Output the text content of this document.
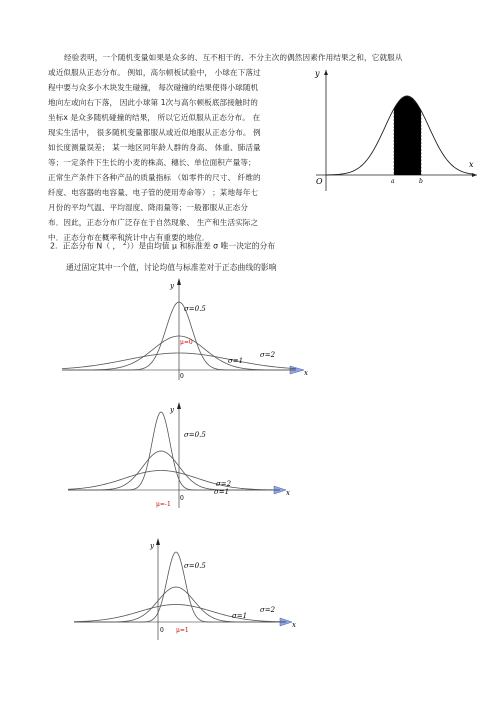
经验表明，一个随机变量如果是众多的、互不相干的、不分主次的偶然因素作用结果之和，它就服从
或近似服从正态分布。 例如，高尔顿板试验中， 小球在下落过
程中要与众多小木块发生碰撞， 每次碰撞的结果使得小球随机
地向左或向右下落， 因此小球第 1次与高尔顿板底部接触时的
坐标x 是众多随机碰撞的结果， 所以它近似服从正态分布。 在
现实生活中， 很多随机变量都服从或近似地服从正态分布。 例
如长度测量误差； 某一地区同年龄人群的身高、 体重、肺活量
等；一定条件下生长的小麦的株高、穗长、单位面积产量等；
正常生产条件下各种产品的质量指标 （如零件的尺寸、 纤维的
纤度、电容器的电容量、电子管的使用寿命等） ；某地每年七
月份的平均气温、平均湿度、降雨量等；一般都服从正态分
布．因此，正态分布广泛存在于自然现象、 生产和生活实际之
中．正态分布在概率和统计中占有重要的地位．
y
O	a	b
x
2．正态分布 N（ ， $^2$））是由均值 μ 和标准差 σ 唯一决定的分布
通过固定其中一个值，讨论均值与标准差对于正态曲线的影响
y
σ=0.5
μ=0
σ=1
σ=2
0	x
y
σ=0.5
σ=2
σ=1
μ=-1
0
x
y
σ=0.5
σ=2
σ=1
0 μ=1
x
